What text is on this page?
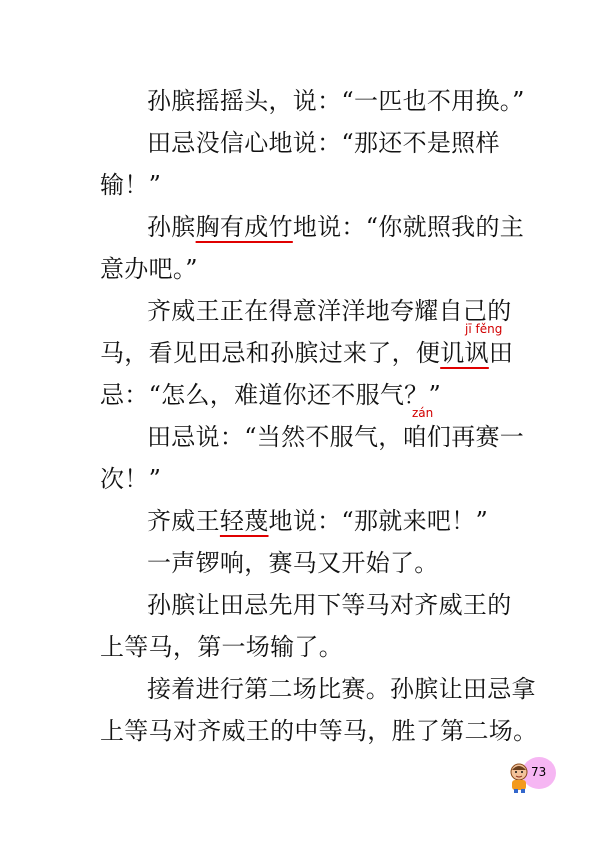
孙膑摇摇头，说：“一匹也不用换。”
田忌没信心地说：“那还不是照样
输！”
孙膑胸有成竹地说：“你就照我的主
意办吧。”
齐威王正在得意洋洋地夸耀自己的
jī fěng
马，看见田忌和孙膑过来了，便讥讽田
忌：“怎么，难道你还不服气？”
zán
田忌说：“当然不服气，咱们再赛一
次！”
齐威王轻蔑地说：“那就来吧！”
一声锣响，赛马又开始了。
孙膑让田忌先用下等马对齐威王的
上等马，第一场输了。
接着进行第二场比赛。孙膑让田忌拿
上等马对齐威王的中等马，胜了第二场。
73
